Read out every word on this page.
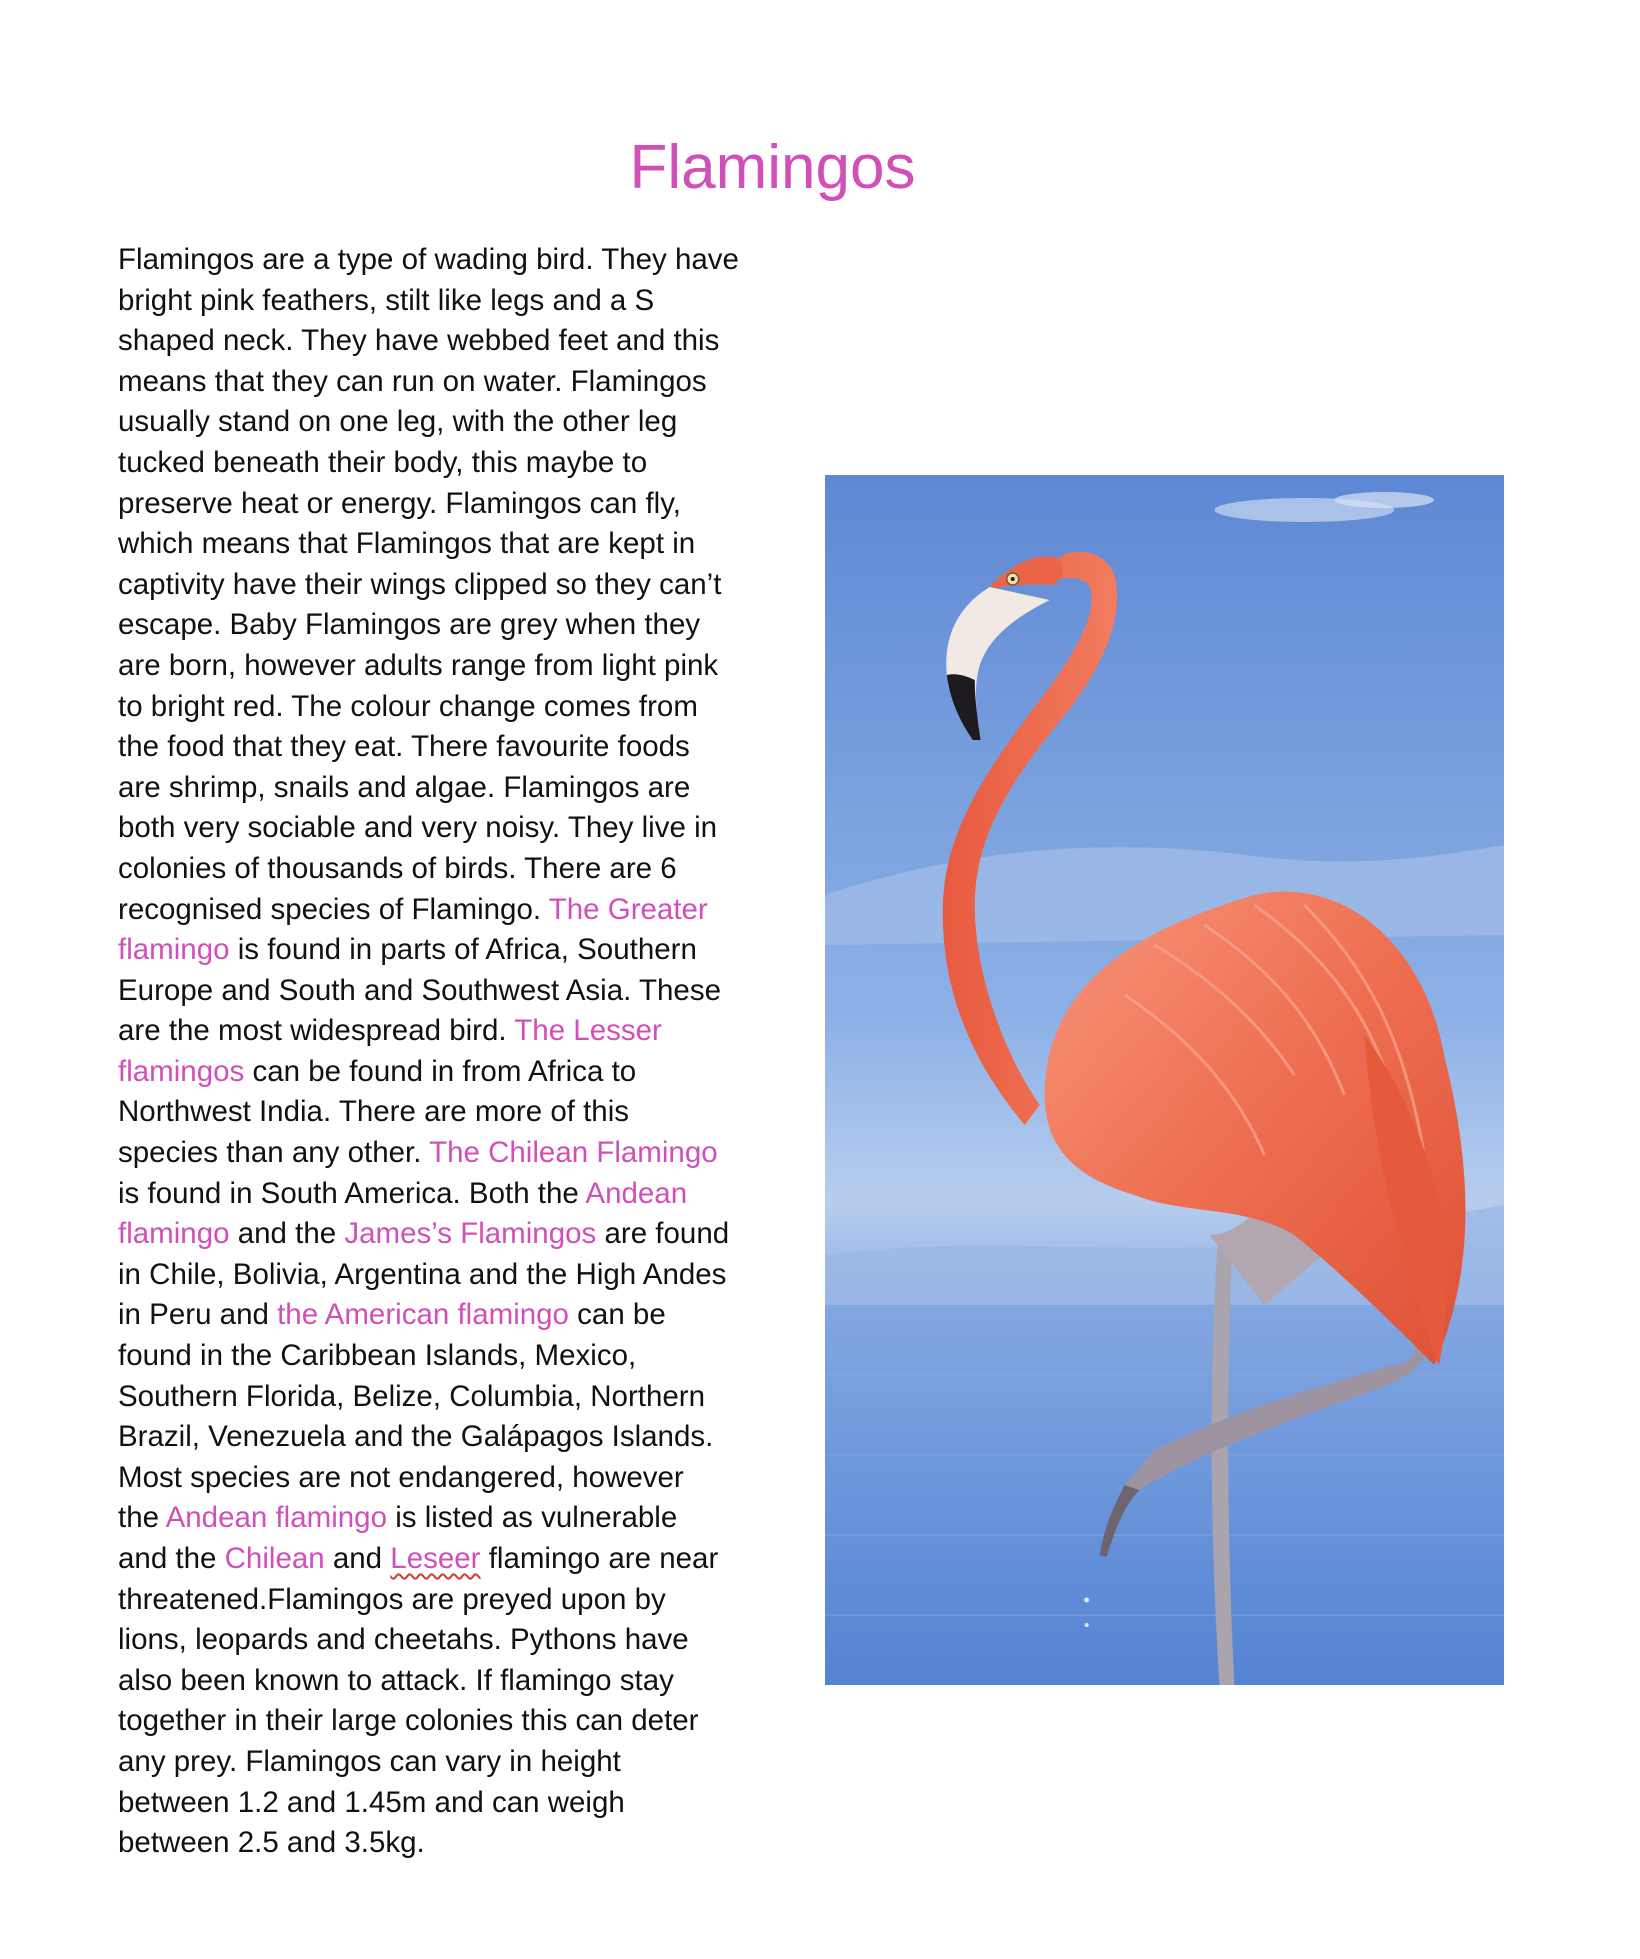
Flamingos
Flamingos are a type of wading bird. They have
bright pink feathers, stilt like legs and a S
shaped neck. They have webbed feet and this
means that they can run on water. Flamingos
usually stand on one leg, with the other leg
tucked beneath their body, this maybe to
preserve heat or energy. Flamingos can fly,
which means that Flamingos that are kept in
captivity have their wings clipped so they can’t
escape. Baby Flamingos are grey when they
are born, however adults range from light pink
to bright red. The colour change comes from
the food that they eat. There favourite foods
are shrimp, snails and algae. Flamingos are
both very sociable and very noisy. They live in
colonies of thousands of birds. There are 6
recognised species of Flamingo. The Greater
flamingo is found in parts of Africa, Southern
Europe and South and Southwest Asia. These
are the most widespread bird. The Lesser
flamingos can be found in from Africa to
Northwest India. There are more of this
species than any other. The Chilean Flamingo
is found in South America. Both the Andean
flamingo and the James’s Flamingos are found
in Chile, Bolivia, Argentina and the High Andes
in Peru and the American flamingo can be
found in the Caribbean Islands, Mexico,
Southern Florida, Belize, Columbia, Northern
Brazil, Venezuela and the Galápagos Islands.
Most species are not endangered, however
the Andean flamingo is listed as vulnerable
and the Chilean and Leseer flamingo are near
threatened.Flamingos are preyed upon by
lions, leopards and cheetahs. Pythons have
also been known to attack. If flamingo stay
together in their large colonies this can deter
any prey. Flamingos can vary in height
between 1.2 and 1.45m and can weigh
between 2.5 and 3.5kg.
